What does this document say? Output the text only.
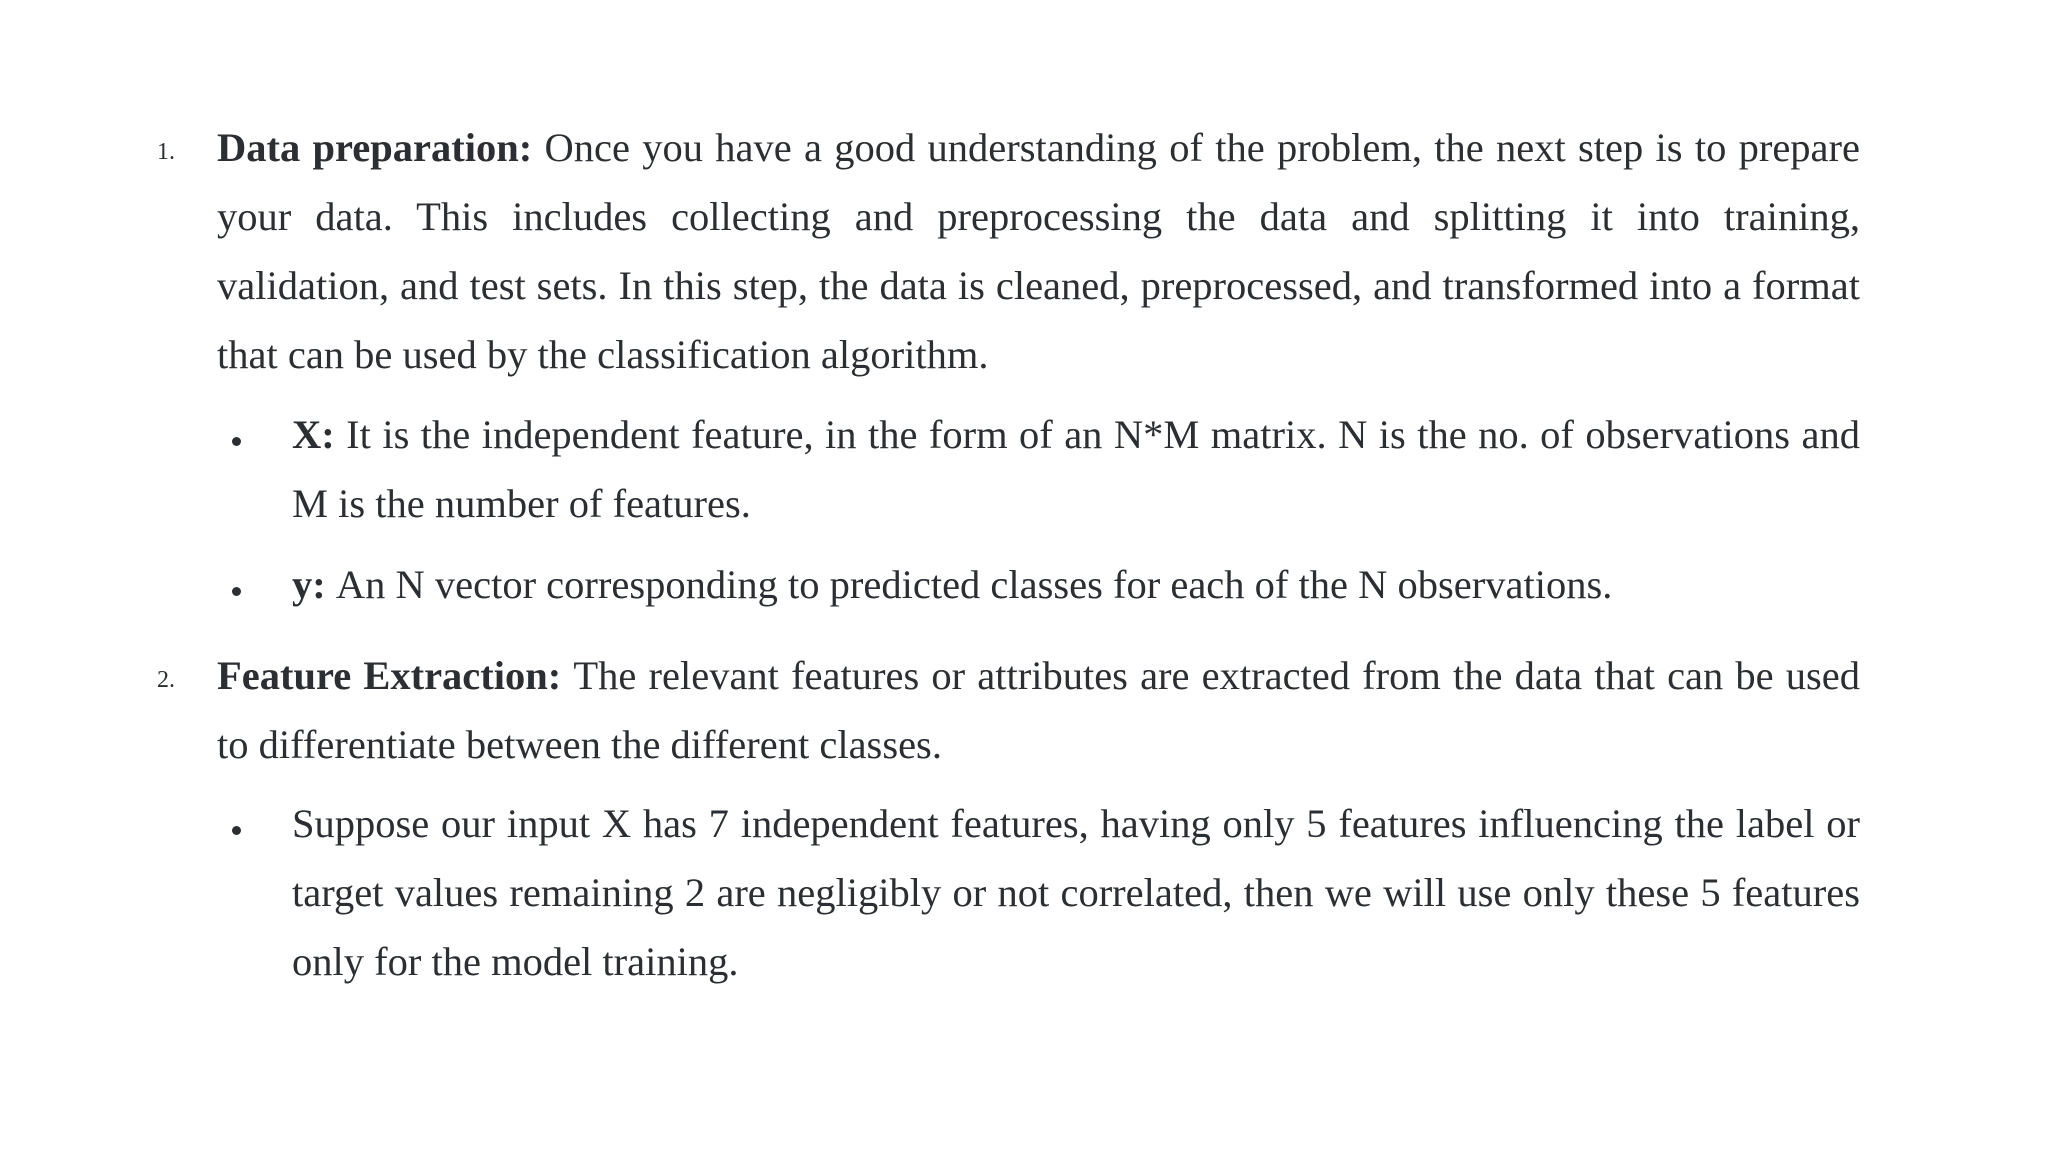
1. Data preparation: Once you have a good understanding of the problem, the next step is to prepare your data. This includes collecting and preprocessing the data and splitting it into training, validation, and test sets. In this step, the data is cleaned, preprocessed, and transformed into a format that can be used by the classification algorithm.
X: It is the independent feature, in the form of an N*M matrix. N is the no. of observations and M is the number of features.
y: An N vector corresponding to predicted classes for each of the N observations.
2. Feature Extraction: The relevant features or attributes are extracted from the data that can be used to differentiate between the different classes.
Suppose our input X has 7 independent features, having only 5 features influencing the label or target values remaining 2 are negligibly or not correlated, then we will use only these 5 features only for the model training.
